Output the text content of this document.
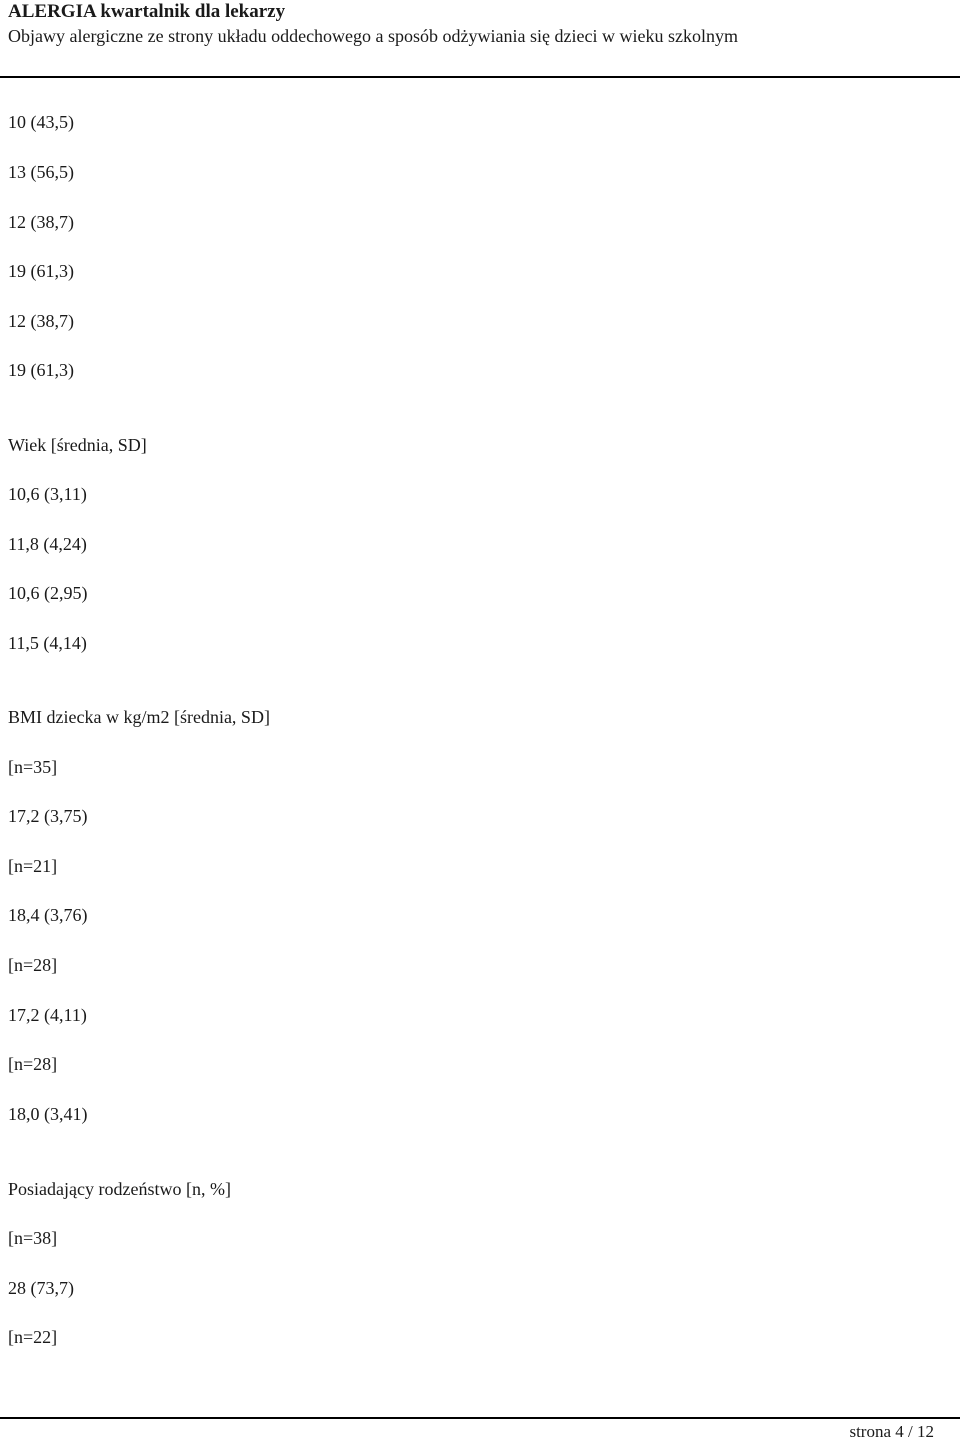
ALERGIA kwartalnik dla lekarzy
Objawy alergiczne ze strony układu oddechowego a sposób odżywiania się dzieci w wieku szkolnym
10 (43,5)
13 (56,5)
12 (38,7)
19 (61,3)
12 (38,7)
19 (61,3)
Wiek [średnia, SD]
10,6 (3,11)
11,8 (4,24)
10,6 (2,95)
11,5 (4,14)
BMI dziecka w kg/m2 [średnia, SD]
[n=35]
17,2 (3,75)
[n=21]
18,4 (3,76)
[n=28]
17,2 (4,11)
[n=28]
18,0 (3,41)
Posiadający rodzeństwo [n, %]
[n=38]
28 (73,7)
[n=22]
strona 4 / 12
